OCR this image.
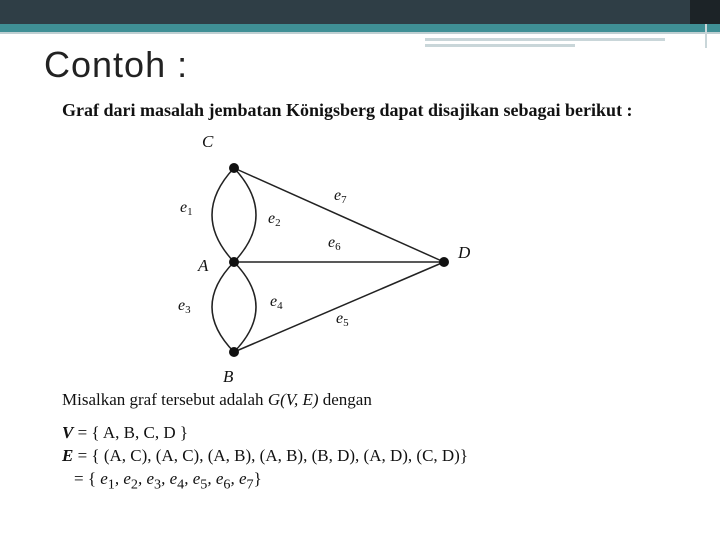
Contoh :
Graf dari masalah jembatan Königsberg dapat disajikan sebagai berikut :
C
A
B
D
e1	e2
e3	e4
e5
e6
e7
Misalkan graf tersebut adalah G(V, E) dengan
V = { A, B, C, D }
E = { (A, C), (A, C), (A, B), (A, B), (B, D), (A, D), (C, D)}
= { $e_1$, $e_2$, $e_3$, $e_4$, $e_5$, $e_6$, $e_7$}
